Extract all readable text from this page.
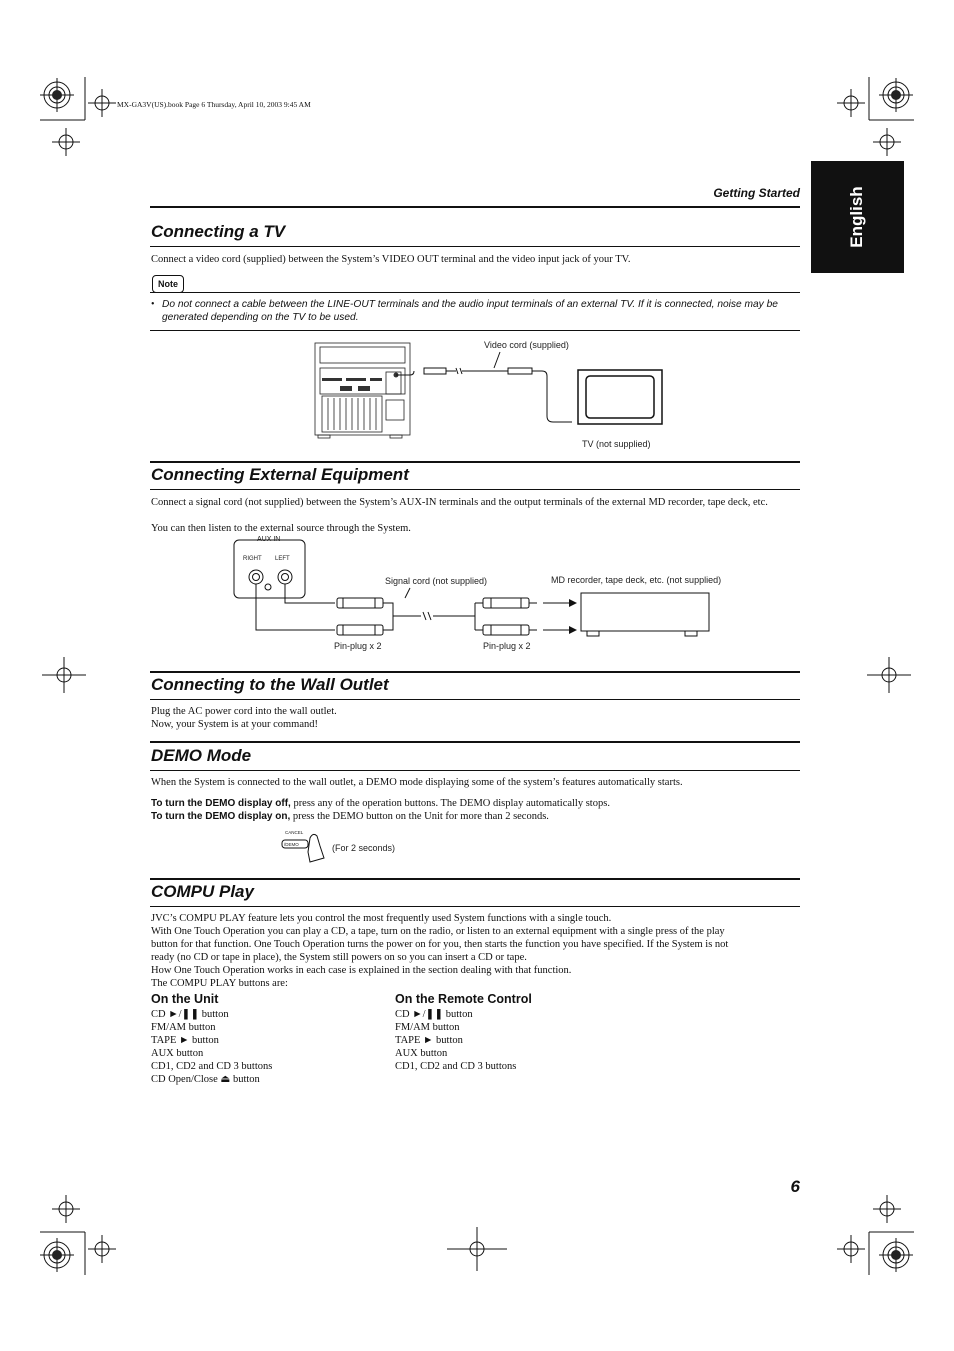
MX-GA3V(US).book Page 6 Thursday, April 10, 2003 9:45 AM
English
Getting Started
Connecting a TV
Connect a video cord (supplied) between the System’s VIDEO OUT terminal and the video input jack of your TV.
Note
• Do not connect a cable between the LINE-OUT terminals and the audio input terminals of an external TV. If it is connected, noise may be generated depending on the TV to be used.
Video cord (supplied)
TV (not supplied)
Connecting External Equipment
Connect a signal cord (not supplied) between the System’s AUX-IN terminals and the output terminals of the external MD recorder, tape deck, etc.
You can then listen to the external source through the System.
AUX IN
RIGHT LEFT
Signal cord (not supplied)	MD recorder, tape deck, etc. (not supplied)
Pin-plug x 2	Pin-plug x 2
Connecting to the Wall Outlet
Plug the AC power cord into the wall outlet.
Now, your System is at your command!
DEMO Mode
When the System is connected to the wall outlet, a DEMO mode displaying some of the system’s features automatically starts.
To turn the DEMO display off, press any of the operation buttons. The DEMO display automatically stops.
To turn the DEMO display on, press the DEMO button on the Unit for more than 2 seconds.
CANCEL
/DEMO	(For 2 seconds)
COMPU Play
JVC’s COMPU PLAY feature lets you control the most frequently used System functions with a single touch.
With One Touch Operation you can play a CD, a tape, turn on the radio, or listen to an external equipment with a single press of the play
button for that function. One Touch Operation turns the power on for you, then starts the function you have specified. If the System is not
ready (no CD or tape in place), the System still powers on so you can insert a CD or tape.
How One Touch Operation works in each case is explained in the section dealing with that function.
The COMPU PLAY buttons are:
On the Unit
CD ►/❚❚ button
FM/AM button
TAPE ► button
AUX button
CD1, CD2 and CD 3 buttons
CD Open/Close ⏏ button
On the Remote Control
CD ►/❚❚ button
FM/AM button
TAPE ► button
AUX button
CD1, CD2 and CD 3 buttons
6
